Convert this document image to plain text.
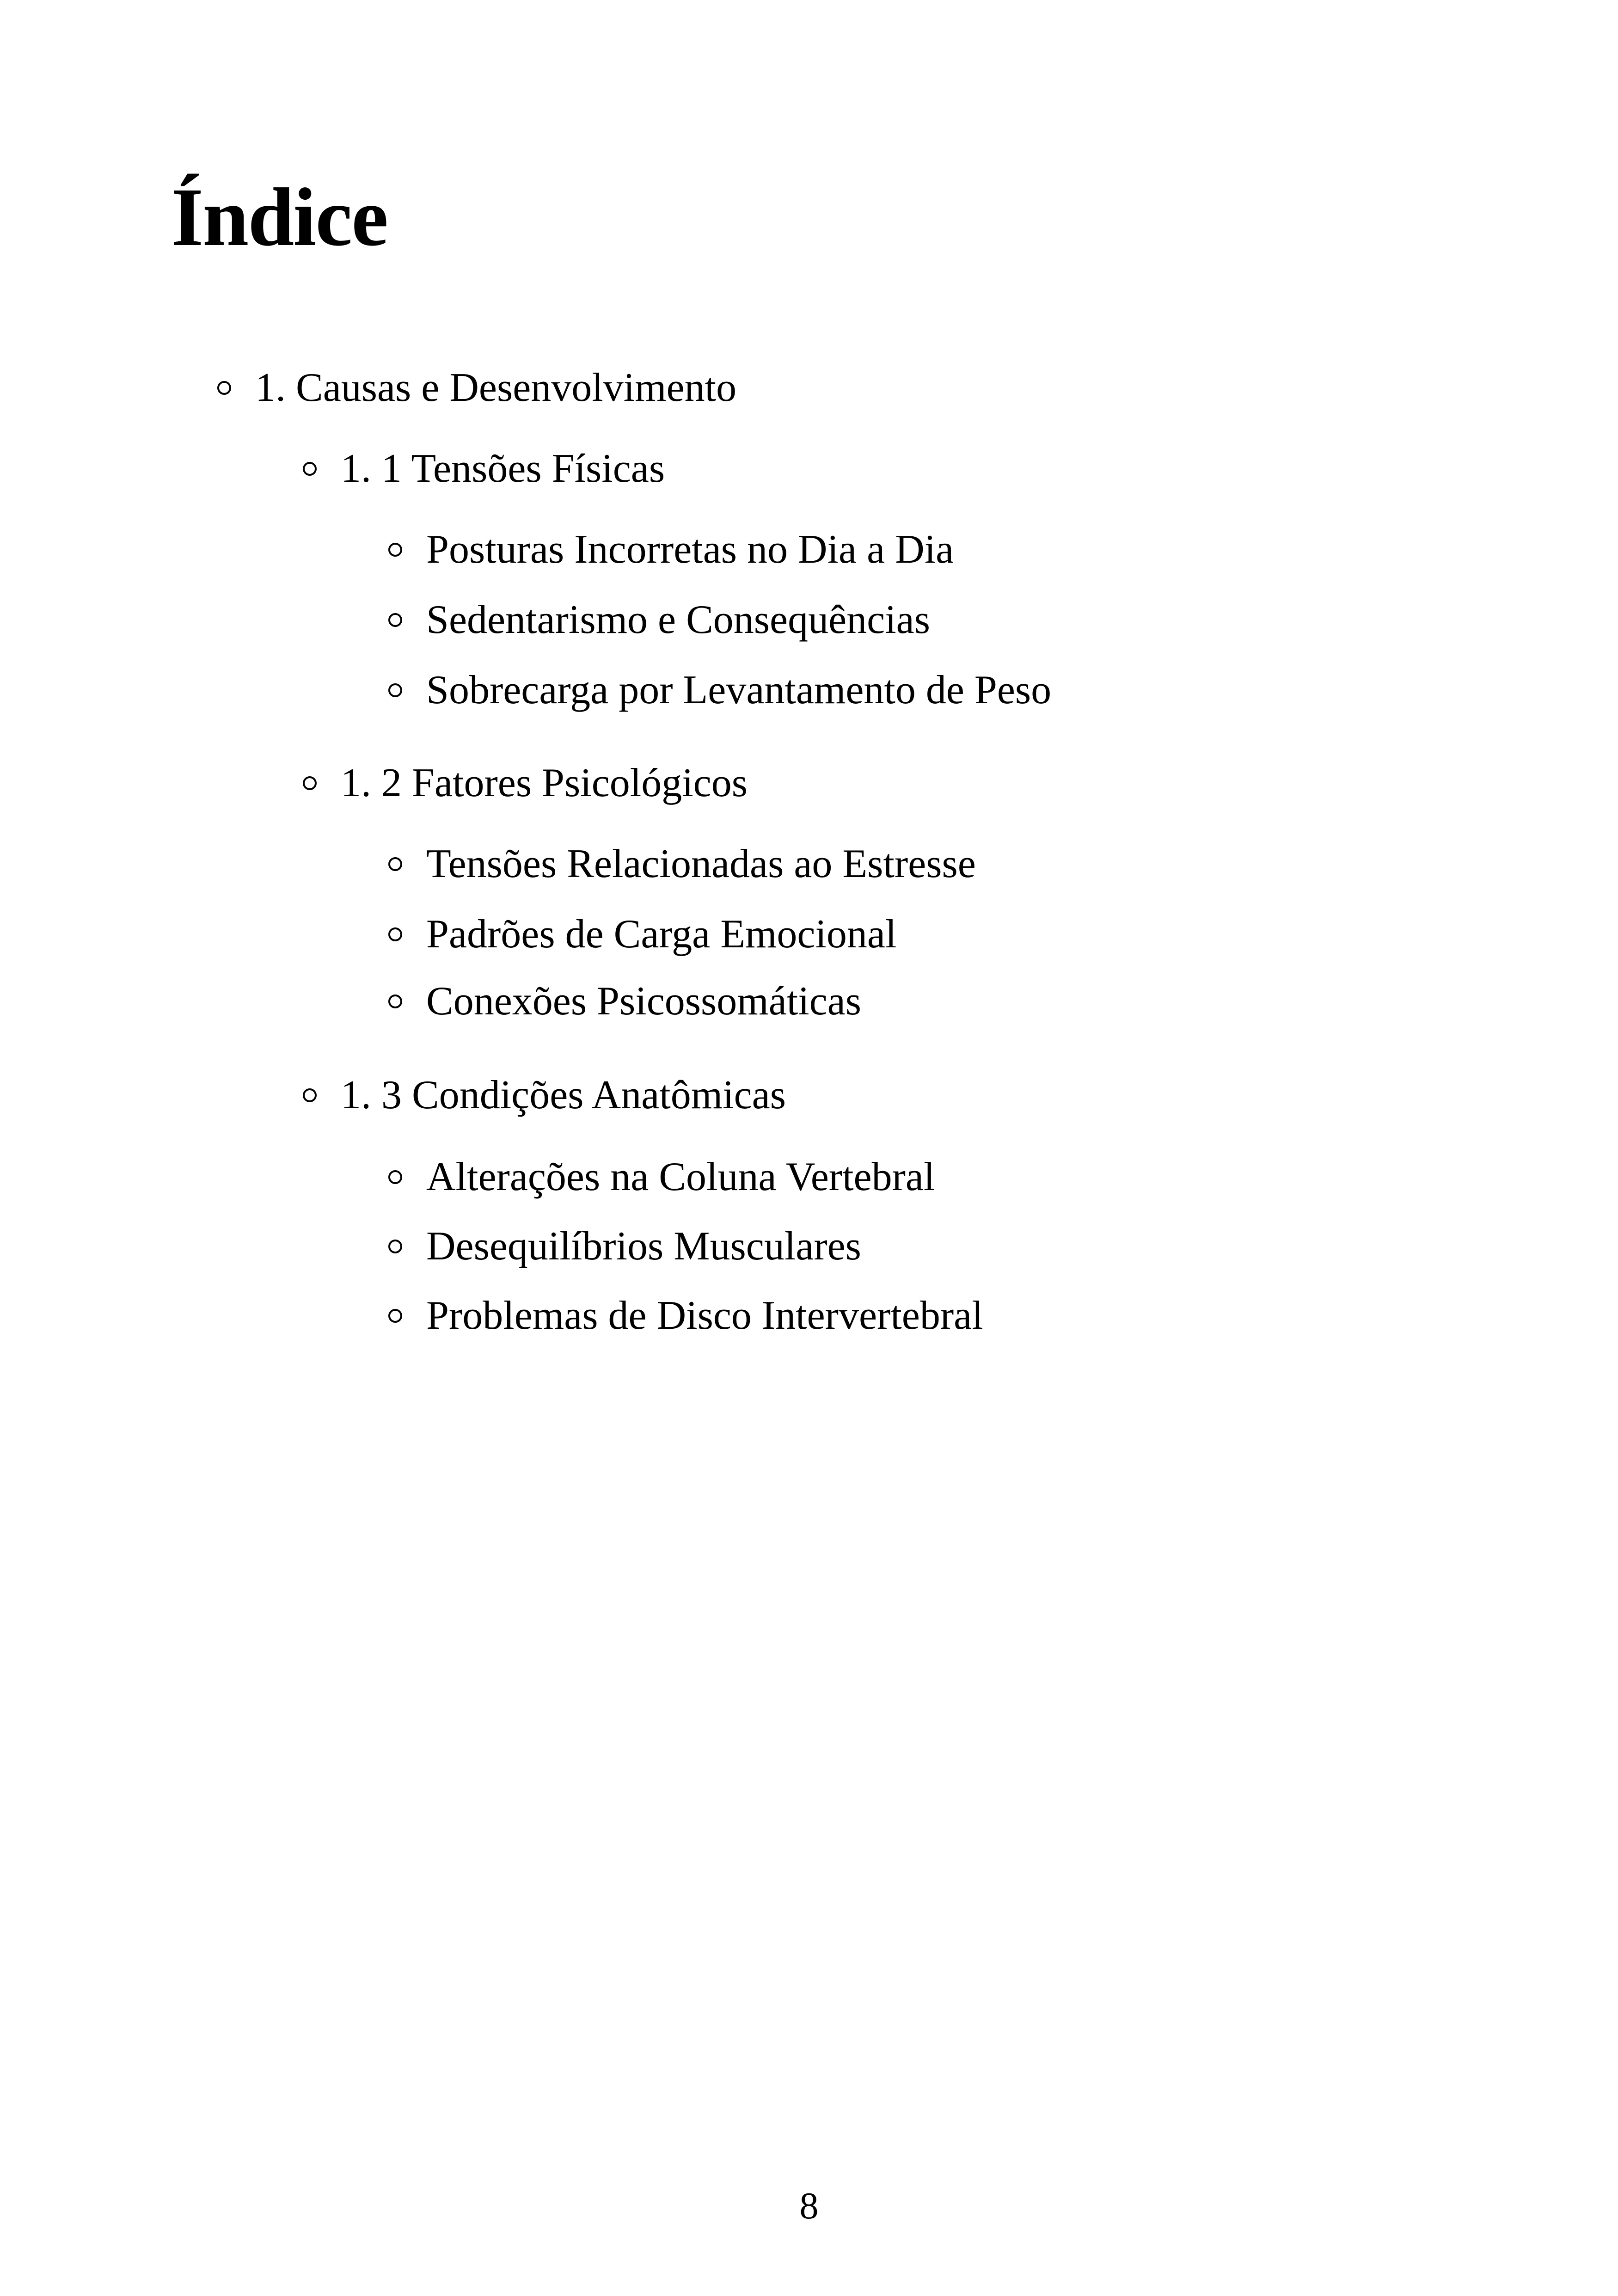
Índice
1. Causas e Desenvolvimento
1. 1 Tensões Físicas
Posturas Incorretas no Dia a Dia
Sedentarismo e Consequências
Sobrecarga por Levantamento de Peso
1. 2 Fatores Psicológicos
Tensões Relacionadas ao Estresse
Padrões de Carga Emocional
Conexões Psicossomáticas
1. 3 Condições Anatômicas
Alterações na Coluna Vertebral
Desequilíbrios Musculares
Problemas de Disco Intervertebral
8
